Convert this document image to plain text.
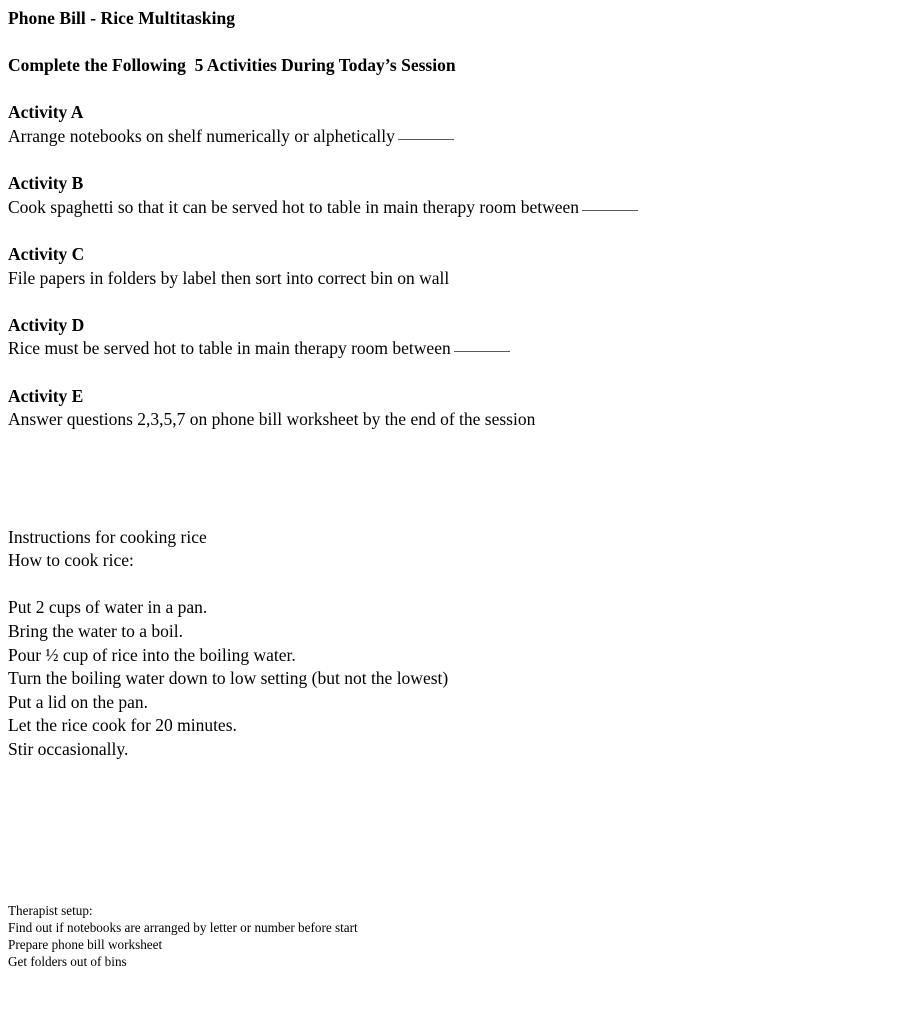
Phone Bill - Rice Multitasking
Complete the Following  5 Activities During Today’s Session
Activity A
Arrange notebooks on shelf numerically or alphetically
Activity B
Cook spaghetti so that it can be served hot to table in main therapy room between
Activity C
File papers in folders by label then sort into correct bin on wall
Activity D
Rice must be served hot to table in main therapy room between
Activity E
Answer questions 2,3,5,7 on phone bill worksheet by the end of the session
Instructions for cooking rice
How to cook rice:
Put 2 cups of water in a pan.
Bring the water to a boil.
Pour ½ cup of rice into the boiling water.
Turn the boiling water down to low setting (but not the lowest)
Put a lid on the pan.
Let the rice cook for 20 minutes.
Stir occasionally.
Therapist setup:
Find out if notebooks are arranged by letter or number before start
Prepare phone bill worksheet
Get folders out of bins
